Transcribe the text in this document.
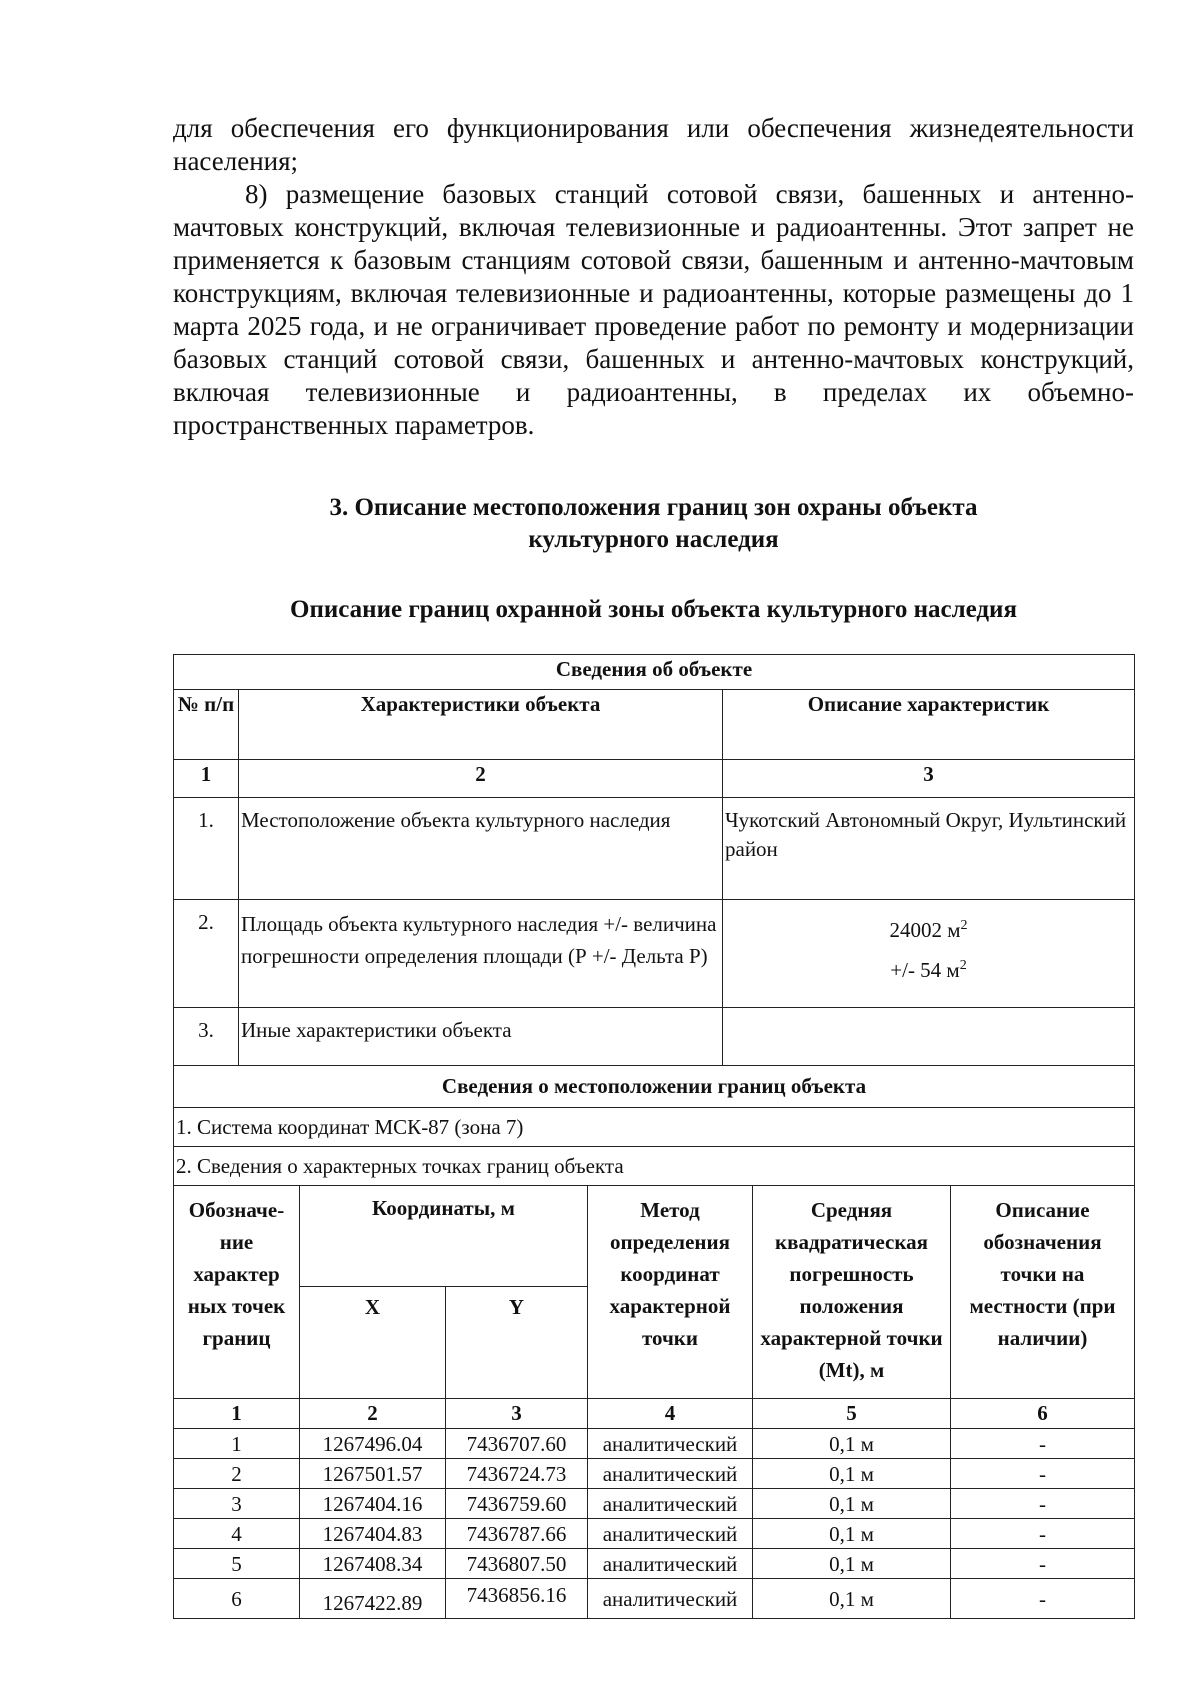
для обеспечения его функционирования или обеспечения жизнедеятельности населения;

8) размещение базовых станций сотовой связи, башенных и антенно-мачтовых конструкций, включая телевизионные и радиоантенны. Этот запрет не применяется к базовым станциям сотовой связи, башенным и антенно-мачтовым конструкциям, включая телевизионные и радиоантенны, которые размещены до 1 марта 2025 года, и не ограничивает проведение работ по ремонту и модернизации базовых станций сотовой связи, башенных и антенно-мачтовых конструкций, включая телевизионные и радиоантенны, в пределах их объемно-пространственных параметров.

3. Описание местоположения границ зон охраны объекта
культурного наследия
Описание границ охранной зоны объекта культурного наследия
Сведения об объекте		
№ п/п	Характеристики объекта	Описание характеристик
1	2	3
1.	Местоположение объекта культурного наследия	Чукотский Автономный Округ, Иультинский район
2.	Площадь объекта культурного наследия +/- величина погрешности определения площади (Р +/- Дельта Р)	24002 $м^2$
+/- 54 $м^2$

3.	Иные характеристики объекта	
Сведения о местоположении границ объекта					
1. Система координат МСК-87 (зона 7)					
2. Сведения о характерных точках границ объекта					
Обозначе-ние характер ных точек границ	Координаты, м		Метод определения координат характерной точки	Средняя квадратическая погрешность положения характерной точки (Mt), м	Описание обозначения точки на местности (при наличии)
	X	Y			
1	2	3	4	5	6
1	1267496.04	7436707.60	аналитический	0,1 м	-
2	1267501.57	7436724.73	аналитический	0,1 м	-
3	1267404.16	7436759.60	аналитический	0,1 м	-
4	1267404.83	7436787.66	аналитический	0,1 м	-
5	1267408.34	7436807.50	аналитический	0,1 м	-
6	1267422.89	7436856.16	аналитический	0,1 м	-
